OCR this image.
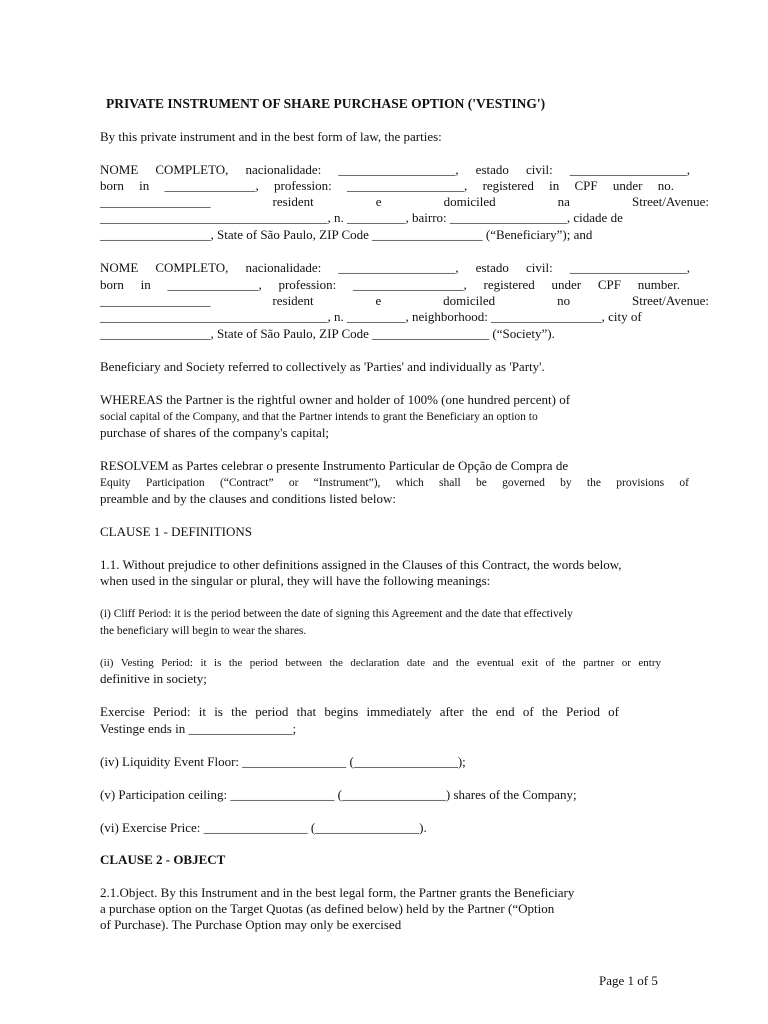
PRIVATE INSTRUMENT OF SHARE PURCHASE OPTION ('VESTING')
By this private instrument and in the best form of law, the parties:
NOME COMPLETO, nacionalidade: __________________, estado civil: __________________,
born in ______________, profession: __________________, registered in CPF under no.
_________________ resident e domiciled na Street/Avenue:
___________________________________, n. _________, bairro: __________________, cidade de
_________________, State of São Paulo, ZIP Code _________________ (“Beneficiary”); and
NOME COMPLETO, nacionalidade: __________________, estado civil: __________________,
born in ______________, profession: _________________, registered under CPF number.
_________________ resident e domiciled no Street/Avenue:
___________________________________, n. _________, neighborhood: _________________, city of
_________________, State of São Paulo, ZIP Code __________________ (“Society”).
Beneficiary and Society referred to collectively as 'Parties' and individually as 'Party'.
WHEREAS the Partner is the rightful owner and holder of 100% (one hundred percent) of
social capital of the Company, and that the Partner intends to grant the Beneficiary an option to
purchase of shares of the company's capital;
RESOLVEM as Partes celebrar o presente Instrumento Particular de Opção de Compra de
Equity Participation (“Contract” or “Instrument”), which shall be governed by the provisions of
preamble and by the clauses and conditions listed below:
CLAUSE 1 - DEFINITIONS
1.1. Without prejudice to other definitions assigned in the Clauses of this Contract, the words below,
when used in the singular or plural, they will have the following meanings:
(i) Cliff Period: it is the period between the date of signing this Agreement and the date that effectively
the beneficiary will begin to wear the shares.
(ii) Vesting Period: it is the period between the declaration date and the eventual exit of the partner or entry
definitive in society;
Exercise Period: it is the period that begins immediately after the end of the Period of
Vestinge ends in ________________;
(iv) Liquidity Event Floor: ________________ (________________);
(v) Participation ceiling: ________________ (________________) shares of the Company;
(vi) Exercise Price: ________________ (________________).
CLAUSE 2 - OBJECT
2.1.Object. By this Instrument and in the best legal form, the Partner grants the Beneficiary
a purchase option on the Target Quotas (as defined below) held by the Partner (“Option
of Purchase). The Purchase Option may only be exercised
Page 1 of 5
